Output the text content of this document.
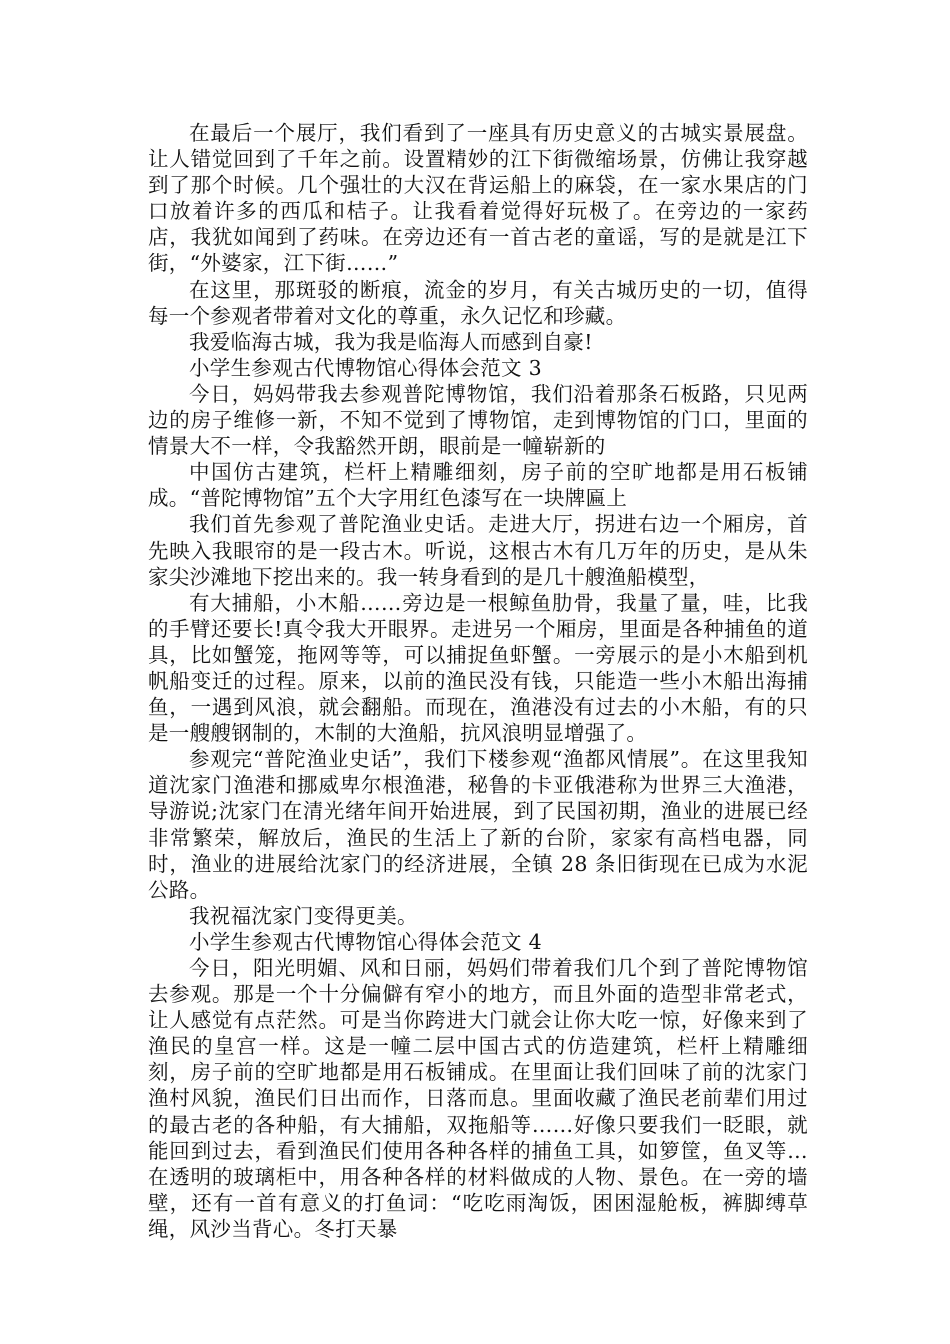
在最后一个展厅，我们看到了一座具有历史意义的古城实景展盘。让人错觉回到了千年之前。设置精妙的江下街微缩场景，仿佛让我穿越到了那个时候。几个强壮的大汉在背运船上的麻袋，在一家水果店的门口放着许多的西瓜和桔子。让我看着觉得好玩极了。在旁边的一家药店，我犹如闻到了药味。在旁边还有一首古老的童谣，写的是就是江下街，“外婆家，江下街……”

在这里，那斑驳的断痕，流金的岁月，有关古城历史的一切，值得每一个参观者带着对文化的尊重，永久记忆和珍藏。

我爱临海古城，我为我是临海人而感到自豪!

小学生参观古代博物馆心得体会范文 3

今日，妈妈带我去参观普陀博物馆，我们沿着那条石板路，只见两边的房子维修一新，不知不觉到了博物馆，走到博物馆的门口，里面的情景大不一样，令我豁然开朗，眼前是一幢崭新的

中国仿古建筑，栏杆上精雕细刻，房子前的空旷地都是用石板铺成。“普陀博物馆”五个大字用红色漆写在一块牌匾上

我们首先参观了普陀渔业史话。走进大厅，拐进右边一个厢房，首先映入我眼帘的是一段古木。听说，这根古木有几万年的历史，是从朱家尖沙滩地下挖出来的。我一转身看到的是几十艘渔船模型，

有大捕船，小木船……旁边是一根鲸鱼肋骨，我量了量，哇，比我的手臂还要长!真令我大开眼界。走进另一个厢房，里面是各种捕鱼的道具，比如蟹笼，拖网等等，可以捕捉鱼虾蟹。一旁展示的是小木船到机帆船变迁的过程。原来，以前的渔民没有钱，只能造一些小木船出海捕鱼，一遇到风浪，就会翻船。而现在，渔港没有过去的小木船，有的只是一艘艘钢制的，木制的大渔船，抗风浪明显增强了。

参观完“普陀渔业史话”，我们下楼参观“渔都风情展”。在这里我知道沈家门渔港和挪威卑尔根渔港，秘鲁的卡亚俄港称为世界三大渔港，导游说;沈家门在清光绪年间开始进展，到了民国初期，渔业的进展已经非常繁荣，解放后，渔民的生活上了新的台阶，家家有高档电器，同时，渔业的进展给沈家门的经济进展，全镇 28 条旧街现在已成为水泥公路。

我祝福沈家门变得更美。

小学生参观古代博物馆心得体会范文 4

今日，阳光明媚、风和日丽，妈妈们带着我们几个到了普陀博物馆去参观。那是一个十分偏僻有窄小的地方，而且外面的造型非常老式，让人感觉有点茫然。可是当你跨进大门就会让你大吃一惊，好像来到了渔民的皇宫一样。这是一幢二层中国古式的仿造建筑，栏杆上精雕细刻，房子前的空旷地都是用石板铺成。在里面让我们回味了前的沈家门渔村风貌，渔民们日出而作，日落而息。里面收藏了渔民老前辈们用过的最古老的各种船，有大捕船，双拖船等……好像只要我们一眨眼，就能回到过去，看到渔民们使用各种各样的捕鱼工具，如箩筐，鱼叉等…在透明的玻璃柜中，用各种各样的材料做成的人物、景色。在一旁的墙壁，还有一首有意义的打鱼词：“吃吃雨淘饭，困困湿舱板，裤脚缚草绳，风沙当背心。冬打天暴
